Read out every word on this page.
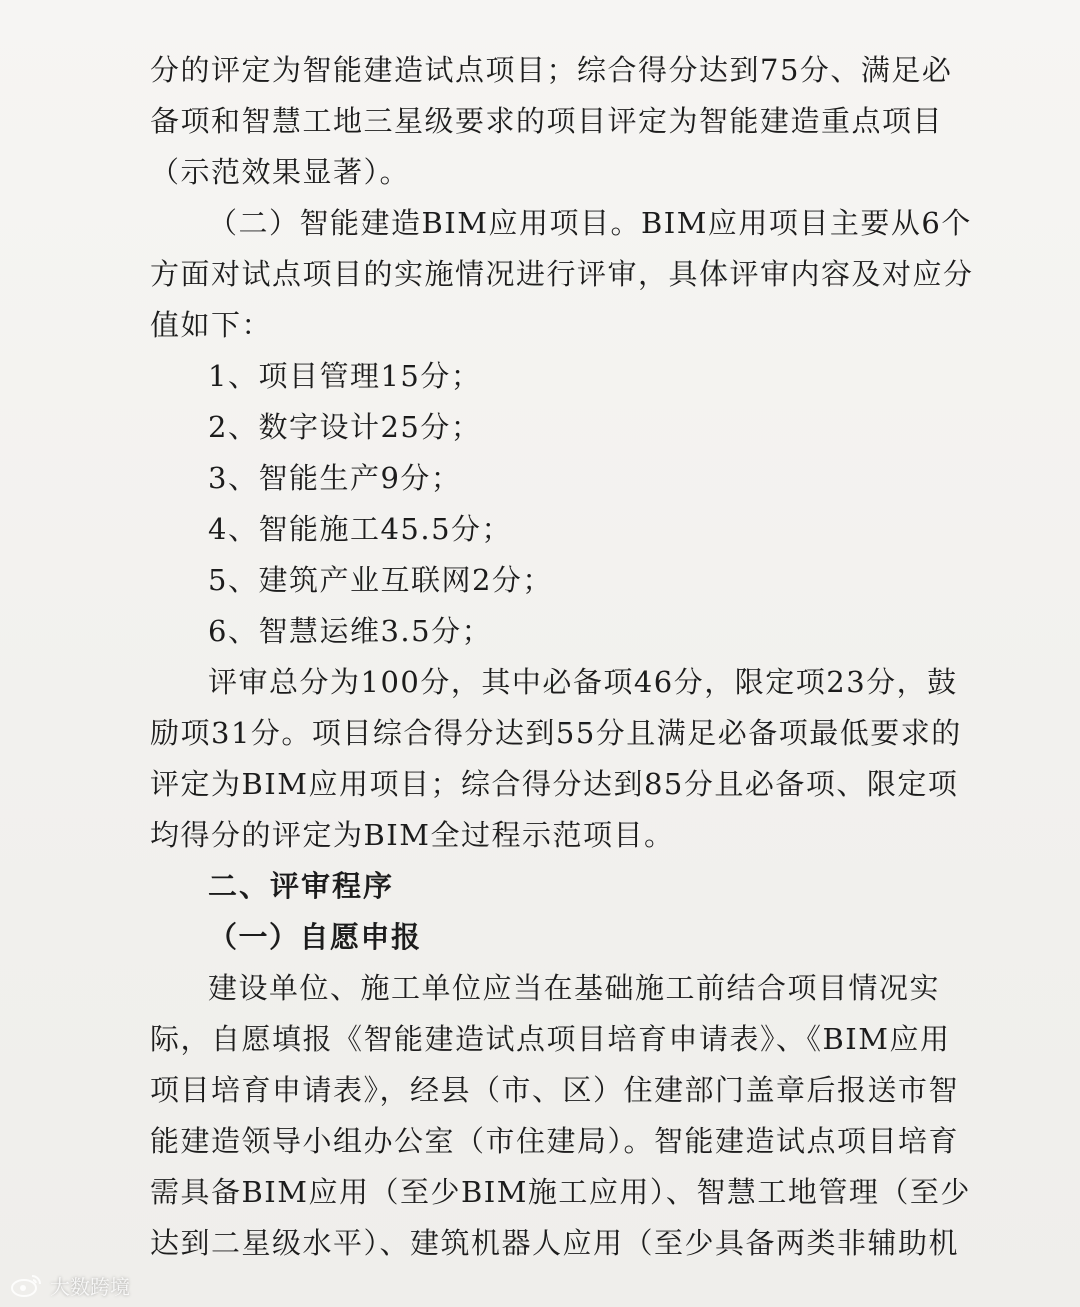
分的评定为智能建造试点项目；综合得分达到75分、满足必
备项和智慧工地三星级要求的项目评定为智能建造重点项目
（示范效果显著）。
（二）智能建造BIM应用项目。BIM应用项目主要从6个
方面对试点项目的实施情况进行评审，具体评审内容及对应分
值如下：
1、项目管理15分；
2、数字设计25分；
3、智能生产9分；
4、智能施工45.5分；
5、建筑产业互联网2分；
6、智慧运维3.5分；
评审总分为100分，其中必备项46分，限定项23分，鼓
励项31分。项目综合得分达到55分且满足必备项最低要求的
评定为BIM应用项目；综合得分达到85分且必备项、限定项
均得分的评定为BIM全过程示范项目。
二、评审程序
（一）自愿申报
建设单位、施工单位应当在基础施工前结合项目情况实
际，自愿填报《智能建造试点项目培育申请表》、《BIM应用
项目培育申请表》，经县（市、区）住建部门盖章后报送市智
能建造领导小组办公室（市住建局）。智能建造试点项目培育
需具备BIM应用（至少BIM施工应用）、智慧工地管理（至少
达到二星级水平）、建筑机器人应用（至少具备两类非辅助机
大数跨境
